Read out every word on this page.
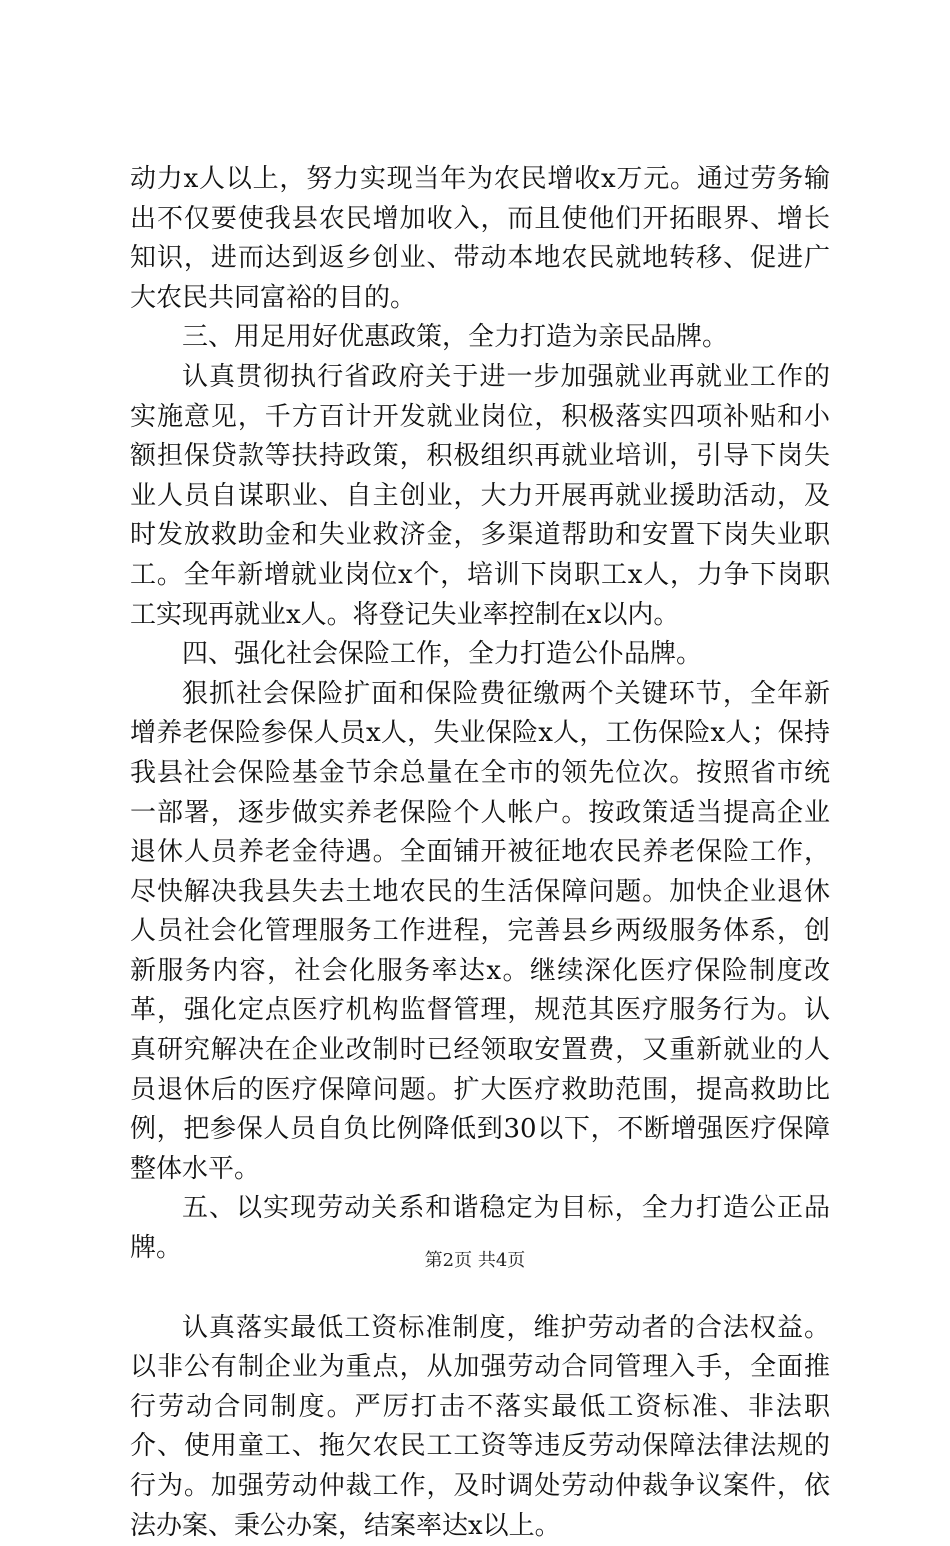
动力x人以上，努力实现当年为农民增收x万元。通过劳务输出不仅要使我县农民增加收入，而且使他们开拓眼界、增长知识，进而达到返乡创业、带动本地农民就地转移、促进广大农民共同富裕的目的。

三、用足用好优惠政策，全力打造为亲民品牌。

认真贯彻执行省政府关于进一步加强就业再就业工作的实施意见，千方百计开发就业岗位，积极落实四项补贴和小额担保贷款等扶持政策，积极组织再就业培训，引导下岗失业人员自谋职业、自主创业，大力开展再就业援助活动，及时发放救助金和失业救济金，多渠道帮助和安置下岗失业职工。全年新增就业岗位x个，培训下岗职工x人，力争下岗职工实现再就业x人。将登记失业率控制在x以内。

四、强化社会保险工作，全力打造公仆品牌。

狠抓社会保险扩面和保险费征缴两个关键环节，全年新增养老保险参保人员x人，失业保险x人，工伤保险x人；保持我县社会保险基金节余总量在全市的领先位次。按照省市统一部署，逐步做实养老保险个人帐户。按政策适当提高企业退休人员养老金待遇。全面铺开被征地农民养老保险工作，尽快解决我县失去土地农民的生活保障问题。加快企业退休人员社会化管理服务工作进程，完善县乡两级服务体系，创新服务内容，社会化服务率达x。继续深化医疗保险制度改革，强化定点医疗机构监督管理，规范其医疗服务行为。认真研究解决在企业改制时已经领取安置费，又重新就业的人员退休后的医疗保障问题。扩大医疗救助范围，提高救助比例，把参保人员自负比例降低到30以下，不断增强医疗保障整体水平。

五、以实现劳动关系和谐稳定为目标，全力打造公正品牌。

认真落实最低工资标准制度，维护劳动者的合法权益。以非公有制企业为重点，从加强劳动合同管理入手，全面推行劳动合同制度。严厉打击不落实最低工资标准、非法职介、使用童工、拖欠农民工工资等违反劳动保障法律法规的行为。加强劳动仲裁工作，及时调处劳动仲裁争议案件，依法办案、秉公办案，结案率达x以上。

第2页 共4页
